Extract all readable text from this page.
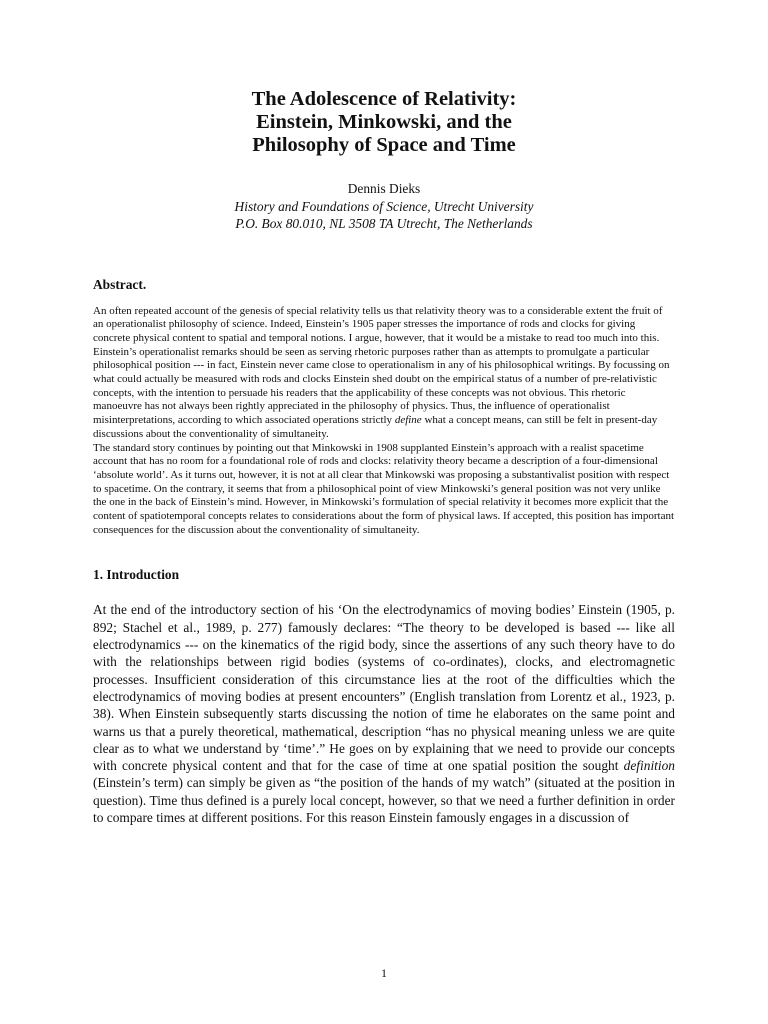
The Adolescence of Relativity:
Einstein, Minkowski, and the
Philosophy of Space and Time
Dennis Dieks
History and Foundations of Science, Utrecht University
P.O. Box 80.010, NL 3508 TA Utrecht, The Netherlands
Abstract.

An often repeated account of the genesis of special relativity tells us that relativity theory was to a considerable extent the fruit of an operationalist philosophy of science. Indeed, Einstein’s 1905 paper stresses the importance of rods and clocks for giving concrete physical content to spatial and temporal notions. I argue, however, that it would be a mistake to read too much into this. Einstein’s operationalist remarks should be seen as serving rhetoric purposes rather than as attempts to promulgate a particular philosophical position --- in fact, Einstein never came close to operationalism in any of his philosophical writings. By focussing on what could actually be measured with rods and clocks Einstein shed doubt on the empirical status of a number of pre-relativistic concepts, with the intention to persuade his readers that the applicability of these concepts was not obvious. This rhetoric manoeuvre has not always been rightly appreciated in the philosophy of physics. Thus, the influence of operationalist misinterpretations, according to which associated operations strictly define what a concept means, can still be felt in present-day discussions about the conventionality of simultaneity.

The standard story continues by pointing out that Minkowski in 1908 supplanted Einstein’s approach with a realist spacetime account that has no room for a foundational role of rods and clocks: relativity theory became a description of a four-dimensional ‘absolute world’. As it turns out, however, it is not at all clear that Minkowski was proposing a substantivalist position with respect to spacetime. On the contrary, it seems that from a philosophical point of view Minkowski’s general position was not very unlike the one in the back of Einstein’s mind. However, in Minkowski’s formulation of special relativity it becomes more explicit that the content of spatiotemporal concepts relates to considerations about the form of physical laws. If accepted, this position has important consequences for the discussion about the conventionality of simultaneity.

1. Introduction

At the end of the introductory section of his ‘On the electrodynamics of moving bodies’ Einstein (1905, p. 892; Stachel et al., 1989, p. 277) famously declares: “The theory to be developed is based --- like all electrodynamics --- on the kinematics of the rigid body, since the assertions of any such theory have to do with the relationships between rigid bodies (systems of co-ordinates), clocks, and electromagnetic processes. Insufficient consideration of this circumstance lies at the root of the difficulties which the electrodynamics of moving bodies at present encounters” (English translation from Lorentz et al., 1923, p. 38). When Einstein subsequently starts discussing the notion of time he elaborates on the same point and warns us that a purely theoretical, mathematical, description “has no physical meaning unless we are quite clear as to what we understand by ‘time’.” He goes on by explaining that we need to provide our concepts with concrete physical content and that for the case of time at one spatial position the sought definition (Einstein’s term) can simply be given as “the position of the hands of my watch” (situated at the position in question). Time thus defined is a purely local concept, however, so that we need a further definition in order to compare times at different positions. For this reason Einstein famously engages in a discussion of

1
